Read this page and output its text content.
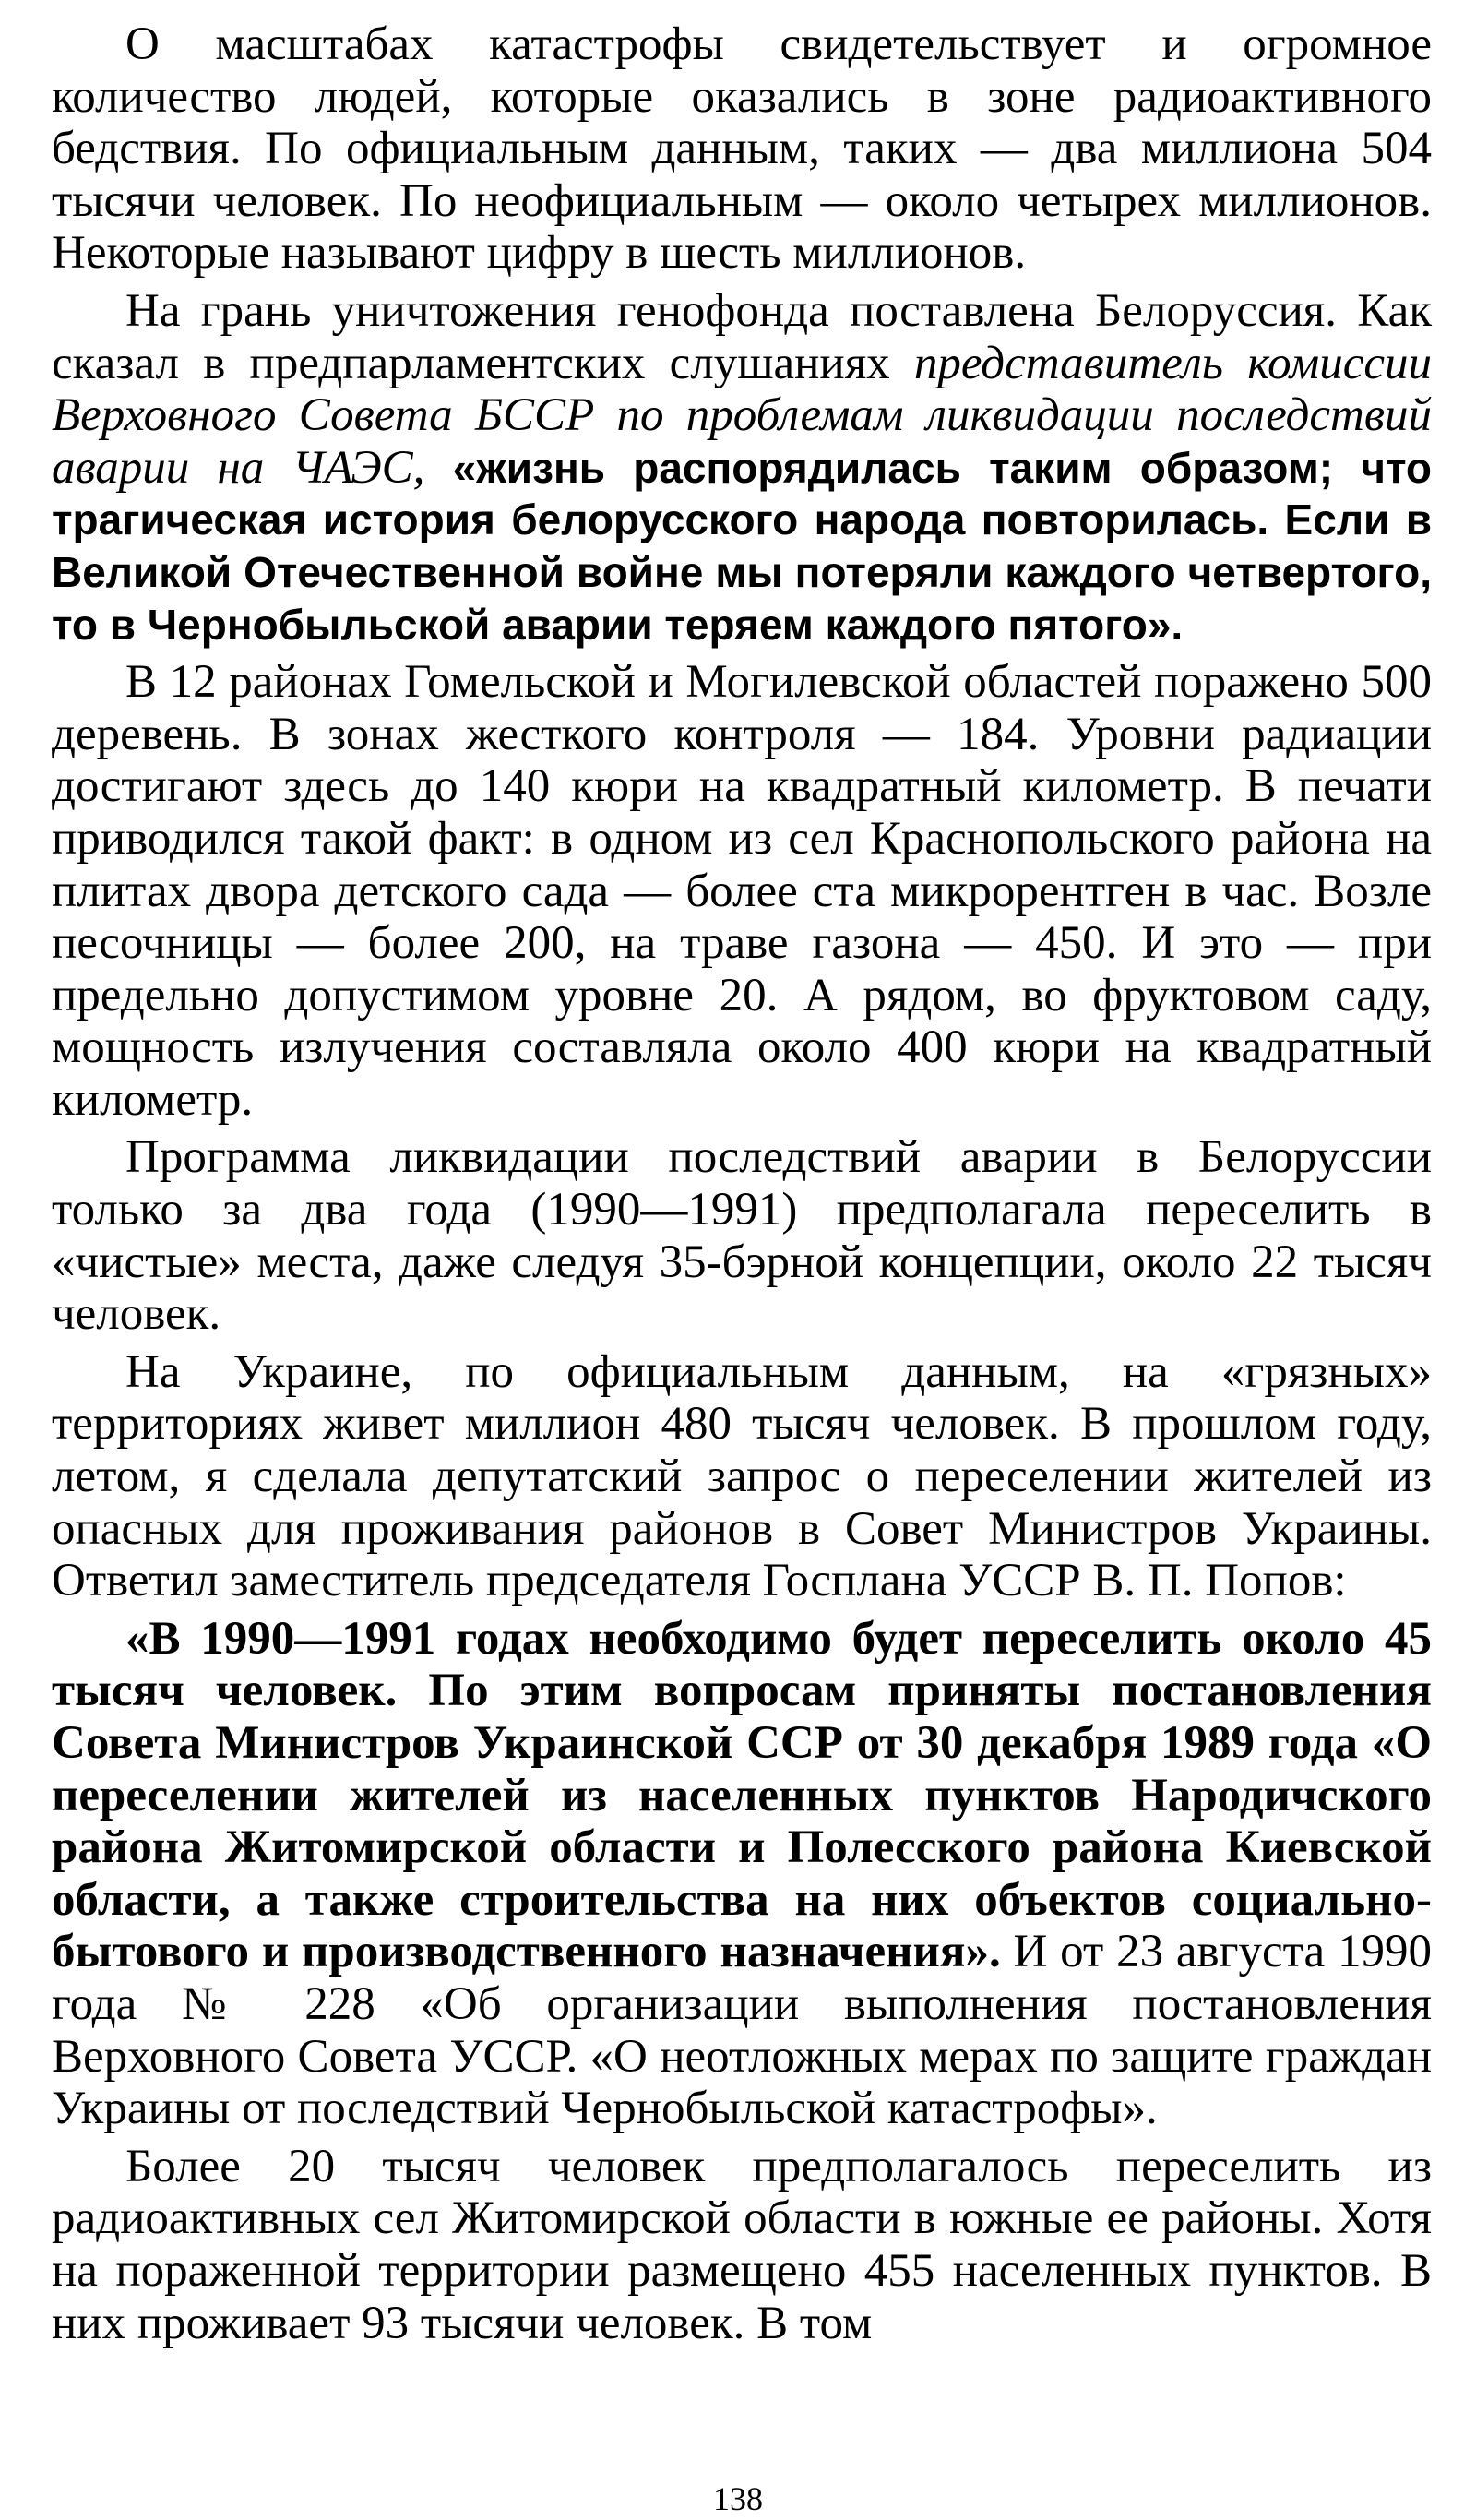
О масштабах катастрофы свидетельствует и огромное количество людей, которые оказались в зоне радиоактивного бедствия. По официальным данным, таких — два миллиона 504 тысячи человек. По неофициальным — около четырех миллионов. Некоторые называют цифру в шесть миллионов.

На грань уничтожения генофонда поставлена Белоруссия. Как сказал в предпарламентских слушаниях представитель комиссии Верховного Совета БССР по проблемам ликвидации последствий аварии на ЧАЭС, «жизнь распорядилась таким образом; что трагическая история белорусского народа повторилась. Если в Великой Отечественной войне мы потеряли каждого четвертого, то в Чернобыльской аварии теряем каждого пятого».

В 12 районах Гомельской и Могилевской областей поражено 500 деревень. В зонах жесткого контроля — 184. Уровни радиации достигают здесь до 140 кюри на квадратный километр. В печати приводился такой факт: в одном из сел Краснопольского района на плитах двора детского сада — более ста микрорентген в час. Возле песочницы — более 200, на траве газона — 450. И это — при предельно допустимом уровне 20. А рядом, во фруктовом саду, мощность излучения составляла около 400 кюри на квадратный километр.

Программа ликвидации последствий аварии в Белоруссии только за два года (1990—1991) предполагала переселить в «чистые» места, даже следуя 35-бэрной концепции, около 22 тысяч человек.

На Украине, по официальным данным, на «грязных» территориях живет миллион 480 тысяч человек. В прошлом году, летом, я сделала депутатский запрос о переселении жителей из опасных для проживания районов в Совет Министров Украины. Ответил заместитель председателя Госплана УССР В. П. Попов:

«В 1990—1991 годах необходимо будет переселить около 45 тысяч человек. По этим вопросам приняты постановления Совета Министров Украинской ССР от 30 декабря 1989 года «О переселении жителей из населенных пунктов Народичского района Житомирской области и Полесского района Киевской области, а также строительства на них объектов социально-бытового и производственного назначения». И от 23 августа 1990 года № 228 «Об организации выполнения постановления Верховного Совета УССР. «О неотложных мерах по защите граждан Украины от последствий Чернобыльской катастрофы».

Более 20 тысяч человек предполагалось переселить из радиоактивных сел Житомирской области в южные ее районы. Хотя на пораженной территории размещено 455 населенных пунктов. В них проживает 93 тысячи человек. В том

138
